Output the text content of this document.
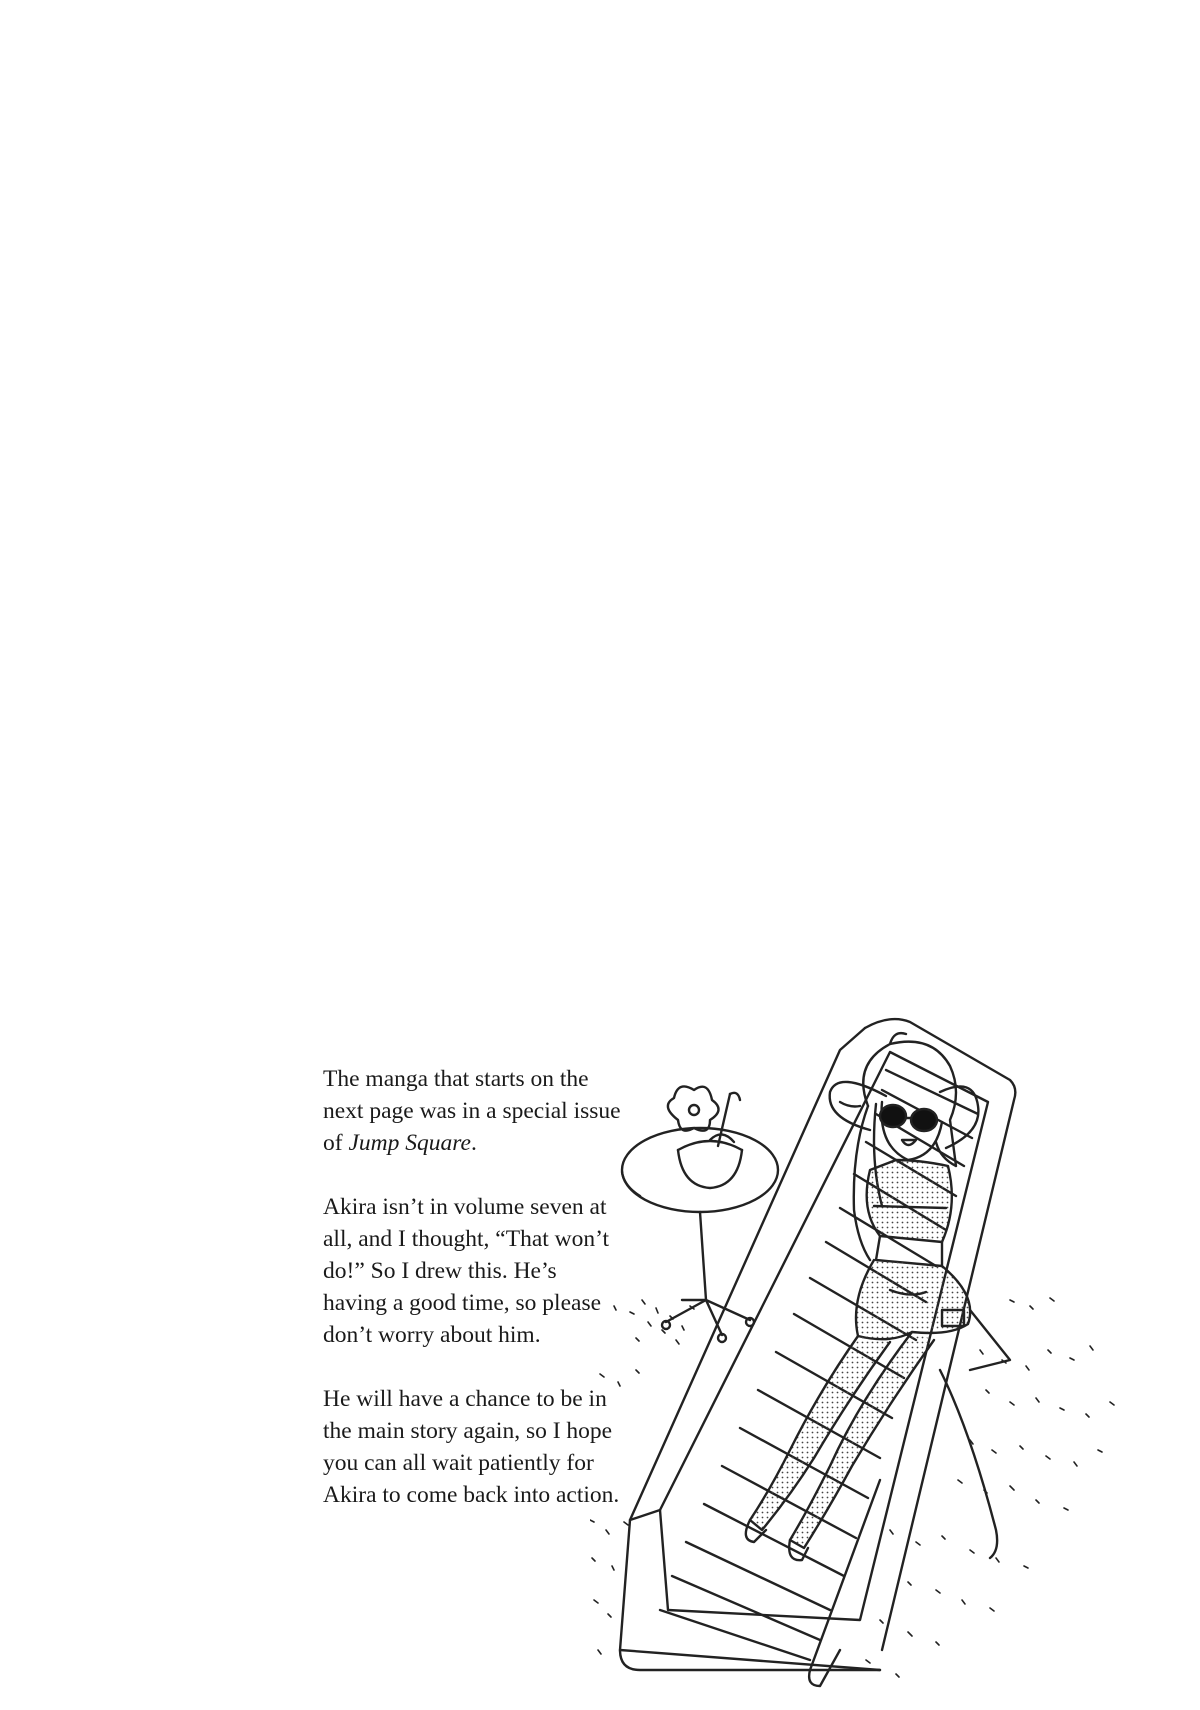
The manga that starts on the next page was in a special issue of Jump Square.

Akira isn’t in volume seven at all, and I thought, “That won’t do!” So I drew this. He’s having a good time, so please don’t worry about him.

He will have a chance to be in the main story again, so I hope you can all wait patiently for Akira to come back into action.
